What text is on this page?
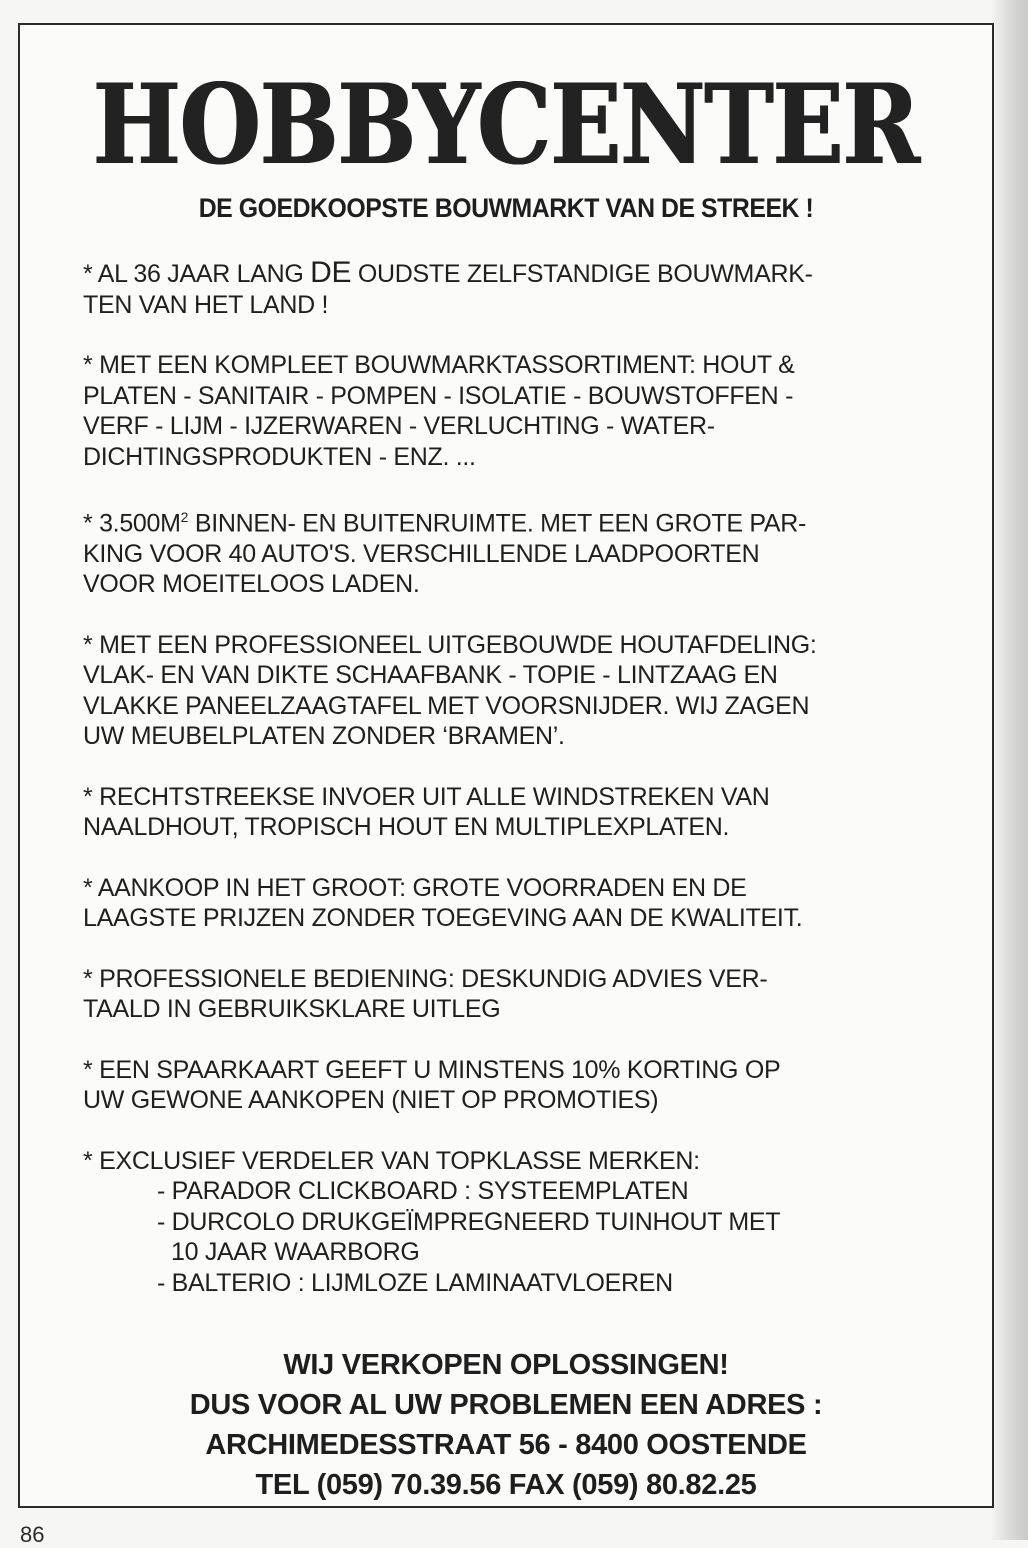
HOBBYCENTER
DE GOEDKOOPSTE BOUWMARKT VAN DE STREEK !
* AL 36 JAAR LANG DE OUDSTE ZELFSTANDIGE BOUWMARK-
TEN VAN HET LAND !
* MET EEN KOMPLEET BOUWMARKTASSORTIMENT: HOUT &
PLATEN - SANITAIR - POMPEN - ISOLATIE - BOUWSTOFFEN -
VERF - LIJM - IJZERWAREN - VERLUCHTING - WATER-
DICHTINGSPRODUKTEN - ENZ. ...
* $3.500M^2$ BINNEN- EN BUITENRUIMTE. MET EEN GROTE PAR-
KING VOOR 40 AUTO'S. VERSCHILLENDE LAADPOORTEN
VOOR MOEITELOOS LADEN.
* MET EEN PROFESSIONEEL UITGEBOUWDE HOUTAFDELING:
VLAK- EN VAN DIKTE SCHAAFBANK - TOPIE - LINTZAAG EN
VLAKKE PANEELZAAGTAFEL MET VOORSNIJDER. WIJ ZAGEN
UW MEUBELPLATEN ZONDER ‘BRAMEN’.
* RECHTSTREEKSE INVOER UIT ALLE WINDSTREKEN VAN
NAALDHOUT, TROPISCH HOUT EN MULTIPLEXPLATEN.
* AANKOOP IN HET GROOT: GROTE VOORRADEN EN DE
LAAGSTE PRIJZEN ZONDER TOEGEVING AAN DE KWALITEIT.
* PROFESSIONELE BEDIENING: DESKUNDIG ADVIES VER-
TAALD IN GEBRUIKSKLARE UITLEG
* EEN SPAARKAART GEEFT U MINSTENS 10% KORTING OP
UW GEWONE AANKOPEN (NIET OP PROMOTIES)
* EXCLUSIEF VERDELER VAN TOPKLASSE MERKEN:
- PARADOR CLICKBOARD : SYSTEEMPLATEN
- DURCOLO DRUKGEÏMPREGNEERD TUINHOUT MET
10 JAAR WAARBORG
- BALTERIO : LIJMLOZE LAMINAATVLOEREN
WIJ VERKOPEN OPLOSSINGEN!
DUS VOOR AL UW PROBLEMEN EEN ADRES :
ARCHIMEDESSTRAAT 56 - 8400 OOSTENDE
TEL (059) 70.39.56 FAX (059) 80.82.25
86
